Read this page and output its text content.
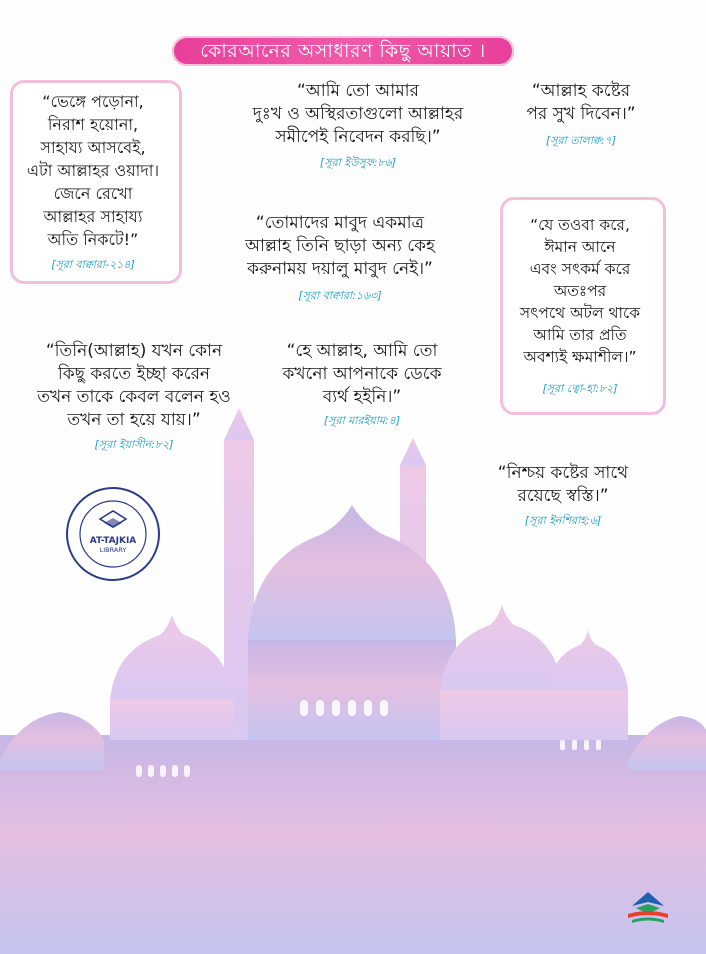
কোরআনের অসাধারণ কিছু আয়াত ।
“ভেঙ্গে পড়োনা,
নিরাশ হয়োনা,
সাহায্য আসবেই,
এটা আল্লাহর ওয়াদা।
জেনে রেখো
আল্লাহর সাহায্য
অতি নিকটে!”
[সূরা বাক্বারা-২১৪]
“আমি তো আমার
দুঃখ ও অস্থিরতাগুলো আল্লাহর
সমীপেই নিবেদন করছি।”
[সূরা ইউসুফ:৮৬]
“আল্লাহ কষ্টের
পর সুখ দিবেন।”
[সূরা তালাক্ব:৭]
“তোমাদের মাবুদ একমাত্র
আল্লাহ তিনি ছাড়া অন্য কেহ
করুনাময় দয়ালু মাবুদ নেই।”
[সূরা বাক্বারা:১৬৩]
“যে তওবা করে,
ঈমান আনে
এবং সৎকর্ম করে
অতঃপর
সৎপথে অটল থাকে
আমি তার প্রতি
অবশ্যই ক্ষমাশীল।”
[সূরা ত্বো-হা:৮২]
“তিনি(আল্লাহ) যখন কোন
কিছু করতে ইচ্ছা করেন
তখন তাকে কেবল বলেন হও
তখন তা হয়ে যায়।”
[সূরা ইয়াসীন:৮২]
“হে আল্লাহ, আমি তো
কখনো আপনাকে ডেকে
ব্যর্থ হইনি।”
[সূরা মারইয়াম:৪]
“নিশ্চয় কষ্টের সাথে
রয়েছে স্বস্তি।”
[সূরা ইনশিরাহ:৬]
AT-TAJKIA
LIBRARY
